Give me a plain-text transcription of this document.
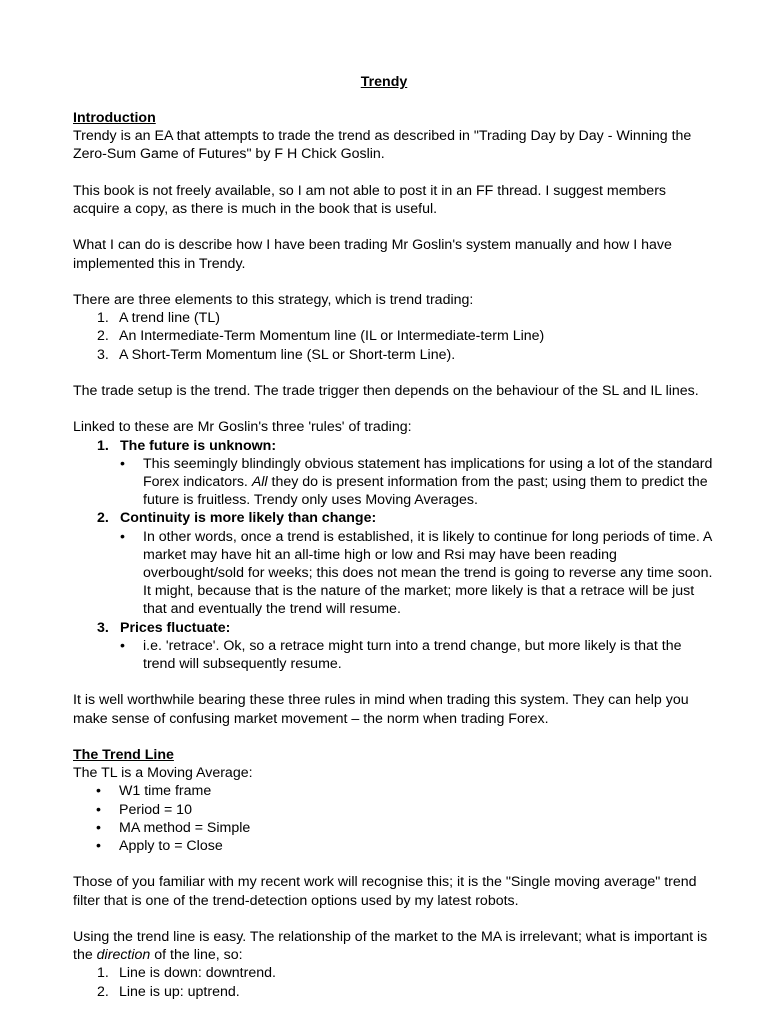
Trendy
Introduction

Trendy is an EA that attempts to trade the trend as described in "Trading Day by Day - Winning the Zero-Sum Game of Futures" by F H Chick Goslin.

This book is not freely available, so I am not able to post it in an FF thread. I suggest members acquire a copy, as there is much in the book that is useful.

What I can do is describe how I have been trading Mr Goslin's system manually and how I have implemented this in Trendy.

There are three elements to this strategy, which is trend trading:

1. A trend line (TL)
2. An Intermediate-Term Momentum line (IL or Intermediate-term Line)
3. A Short-Term Momentum line (SL or Short-term Line).

The trade setup is the trend. The trade trigger then depends on the behaviour of the SL and IL lines.

Linked to these are Mr Goslin's three 'rules' of trading:

1. The future is unknown:
• This seemingly blindingly obvious statement has implications for using a lot of the standard Forex indicators. All they do is present information from the past; using them to predict the future is fruitless. Trendy only uses Moving Averages.
2. Continuity is more likely than change:
• In other words, once a trend is established, it is likely to continue for long periods of time. A market may have hit an all-time high or low and Rsi may have been reading overbought/sold for weeks; this does not mean the trend is going to reverse any time soon. It might, because that is the nature of the market; more likely is that a retrace will be just that and eventually the trend will resume.
3. Prices fluctuate:
• i.e. 'retrace'. Ok, so a retrace might turn into a trend change, but more likely is that the trend will subsequently resume.

It is well worthwhile bearing these three rules in mind when trading this system. They can help you make sense of confusing market movement – the norm when trading Forex.

The Trend Line

The TL is a Moving Average:

• W1 time frame
• Period = 10
• MA method = Simple
• Apply to = Close

Those of you familiar with my recent work will recognise this; it is the "Single moving average" trend filter that is one of the trend-detection options used by my latest robots.

Using the trend line is easy. The relationship of the market to the MA is irrelevant; what is important is the direction of the line, so:

1. Line is down: downtrend.
2. Line is up: uptrend.
